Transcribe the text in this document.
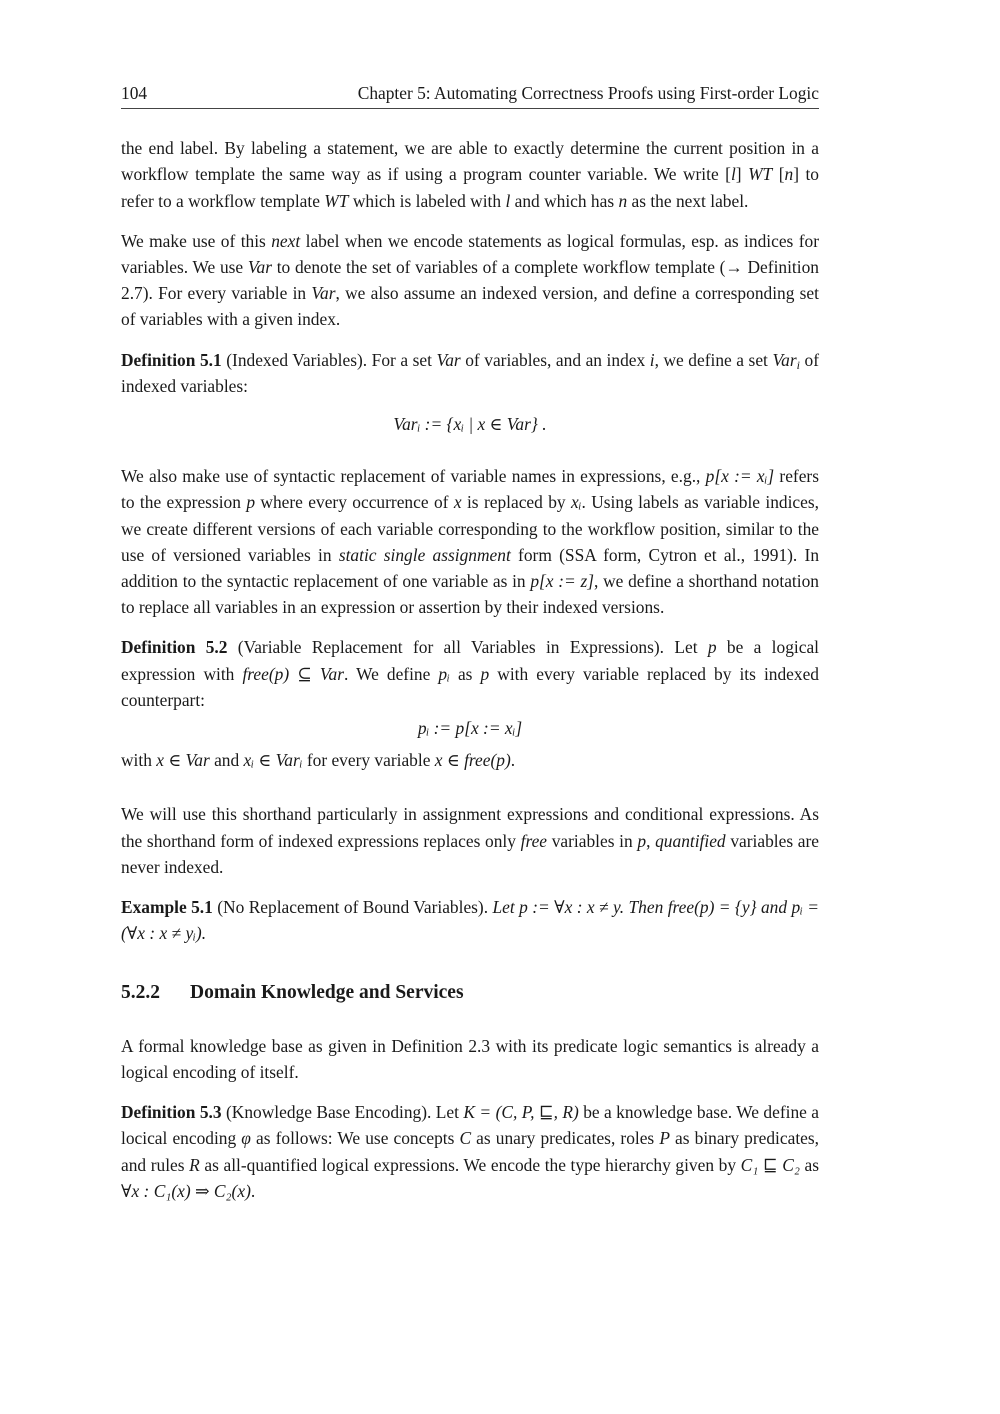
104	Chapter 5: Automating Correctness Proofs using First-order Logic

the end label. By labeling a statement, we are able to exactly determine the current position in a workflow template the same way as if using a program counter variable. We write [l] WT [n] to refer to a workflow template WT which is labeled with l and which has n as the next label.

We make use of this next label when we encode statements as logical formulas, esp. as indices for variables. We use Var to denote the set of variables of a complete workflow template (→ Definition 2.7). For every variable in Var, we also assume an indexed version, and define a corresponding set of variables with a given index.

Definition 5.1 (Indexed Variables). For a set Var of variables, and an index i, we define a set Var$_i$ of indexed variables:

Varᵢ := {xᵢ | x ∈ Var} .

We also make use of syntactic replacement of variable names in expressions, e.g., p[x := xᵢ] refers to the expression p where every occurrence of x is replaced by xᵢ. Using labels as variable indices, we create different versions of each variable corresponding to the workflow position, similar to the use of versioned variables in static single assignment form (SSA form, Cytron et al., 1991). In addition to the syntactic replacement of one variable as in p[x := z], we define a shorthand notation to replace all variables in an expression or assertion by their indexed versions.

Definition 5.2 (Variable Replacement for all Variables in Expressions). Let p be a logical expression with free(p) ⊆ Var. We define pᵢ as p with every variable replaced by its indexed counterpart:

pᵢ := p[x := xᵢ]

with x ∈ Var and xᵢ ∈ Varᵢ for every variable x ∈ free(p).

We will use this shorthand particularly in assignment expressions and conditional expressions. As the shorthand form of indexed expressions replaces only free variables in p, quantified variables are never indexed.

Example 5.1 (No Replacement of Bound Variables). Let p := ∀x : x ≠ y. Then free(p) = {y} and pᵢ = (∀x : x ≠ yᵢ).

5.2.2 Domain Knowledge and Services

A formal knowledge base as given in Definition 2.3 with its predicate logic semantics is already a logical encoding of itself.

Definition 5.3 (Knowledge Base Encoding). Let K = (C, P, ⊑, R) be a knowledge base. We define a locical encoding φ as follows: We use concepts C as unary predicates, roles P as binary predicates, and rules R as all-quantified logical expressions. We encode the type hierarchy given by C₁ ⊑ C₂ as ∀x : C₁(x) ⇒ C₂(x).
